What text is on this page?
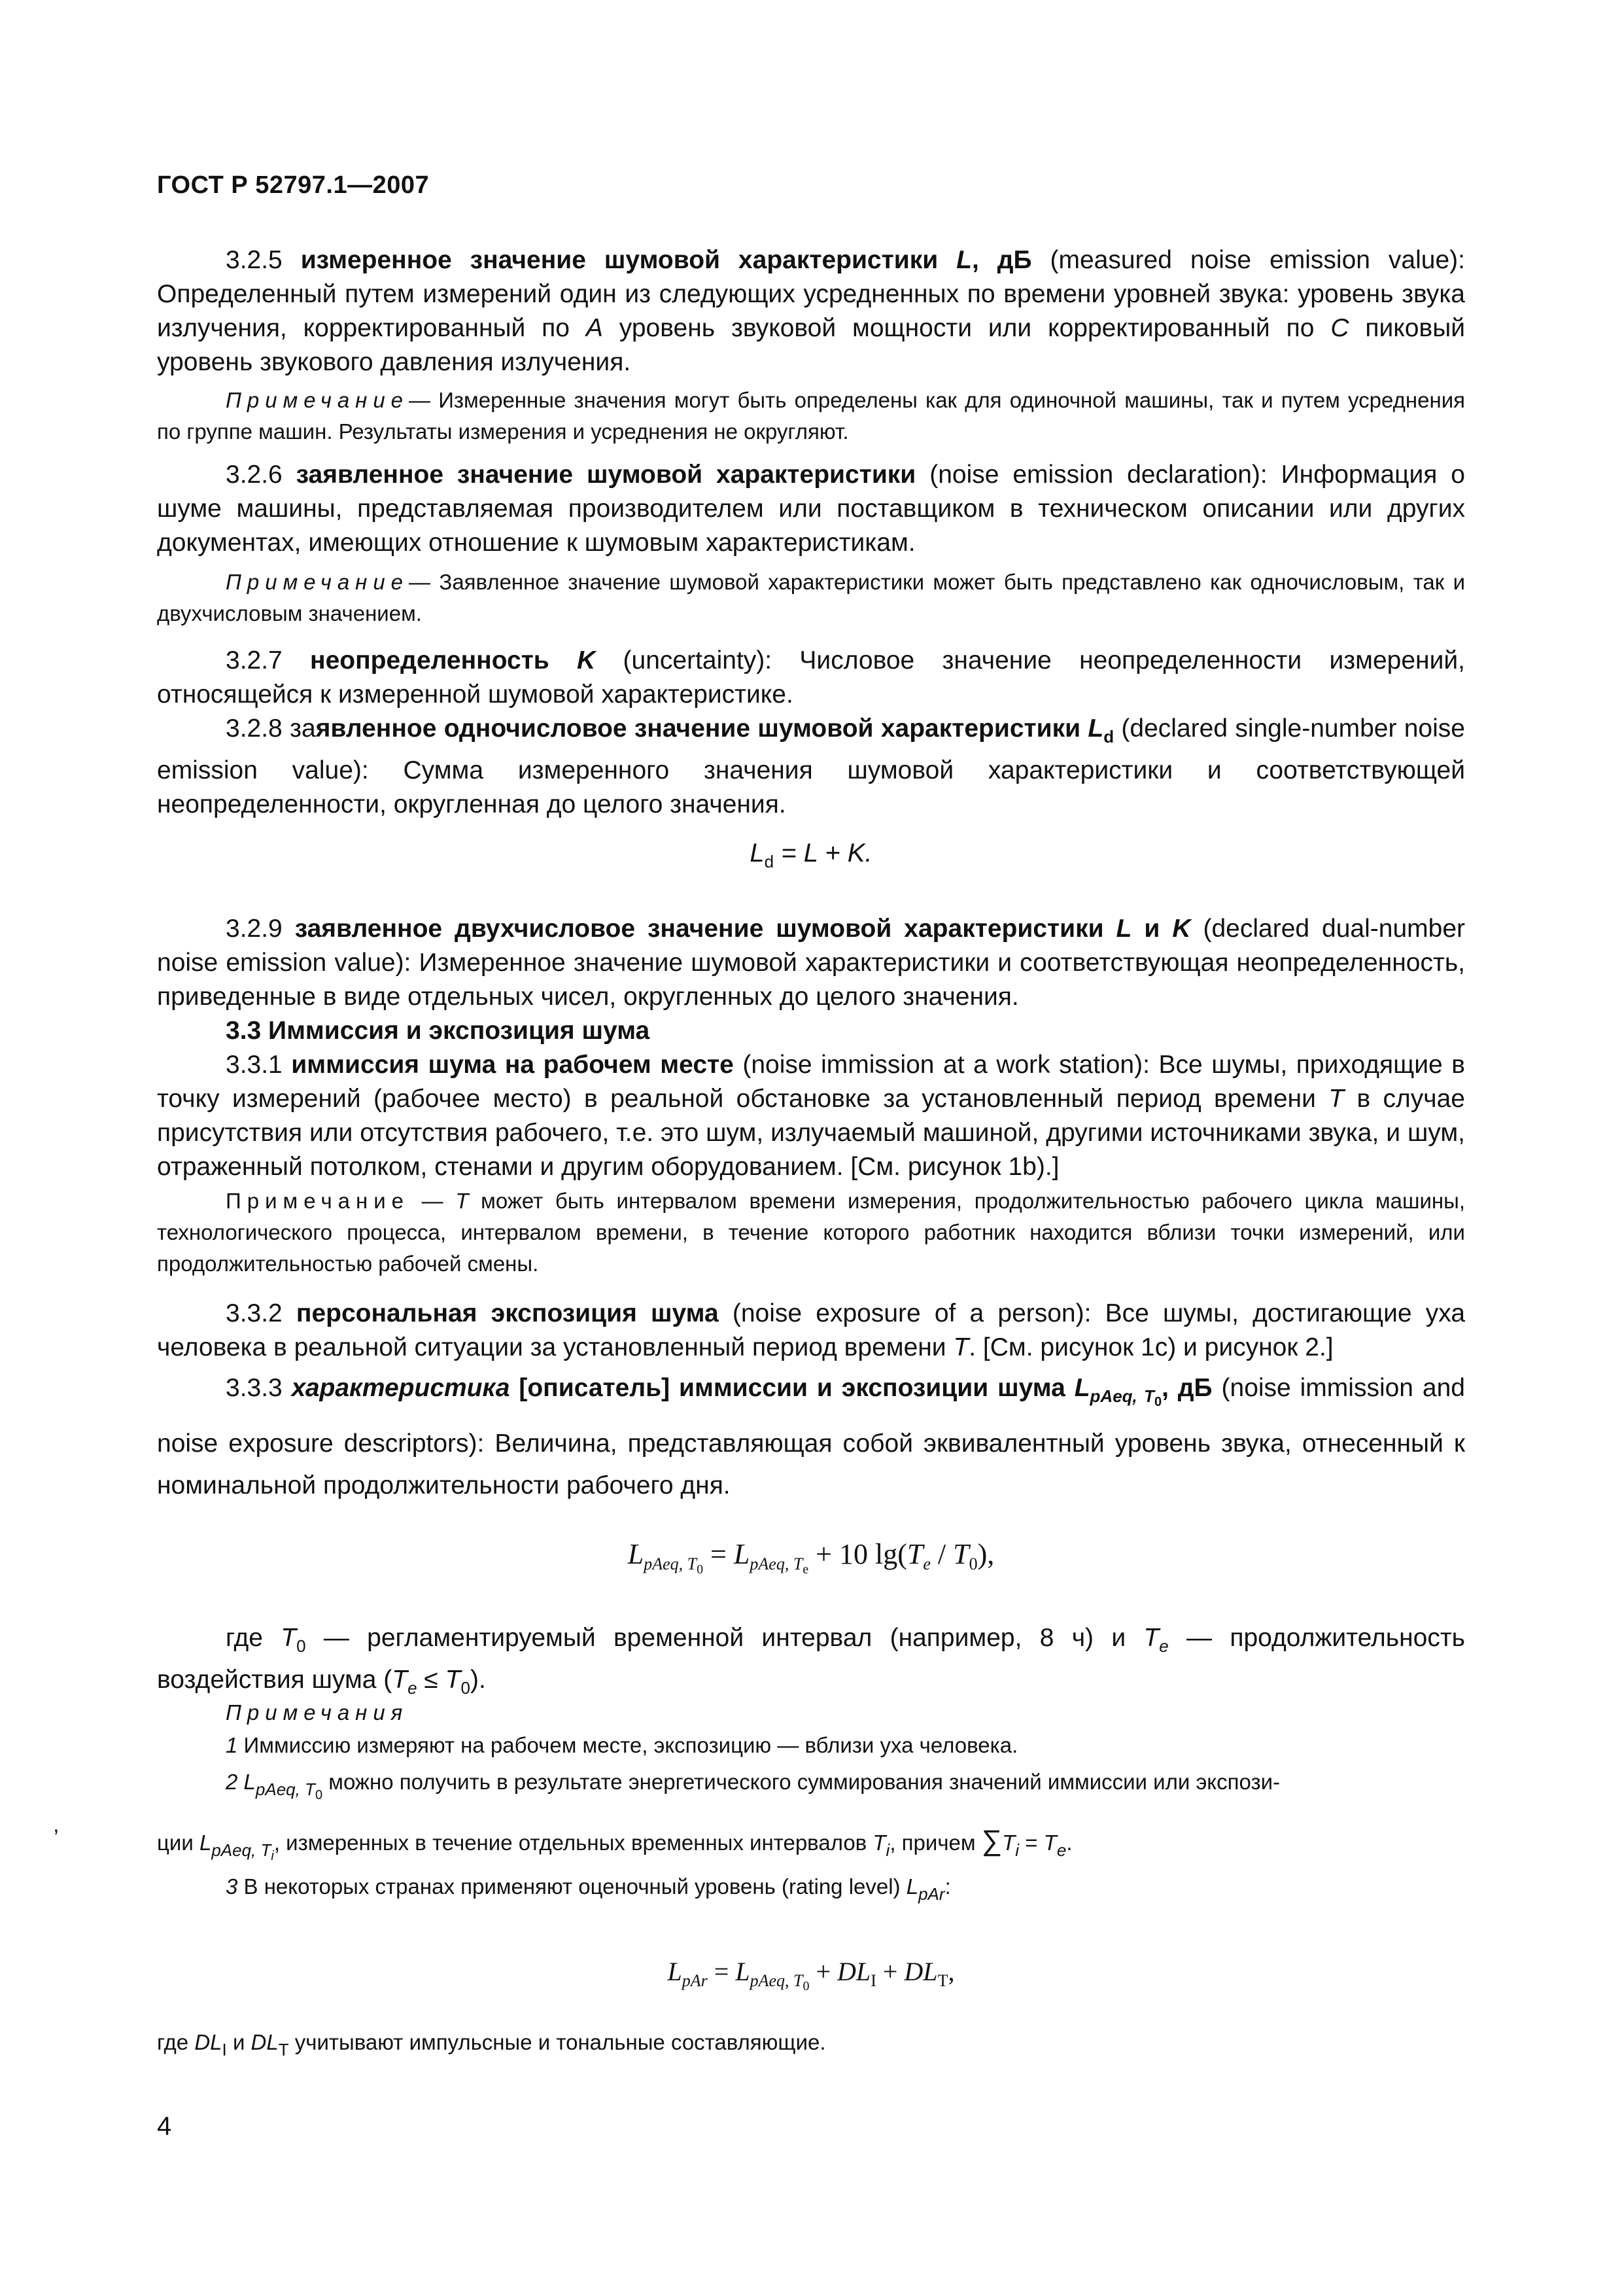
ГОСТ Р 52797.1—2007
3.2.5 измеренное значение шумовой характеристики L, дБ (measured noise emission value): Определенный путем измерений один из следующих усредненных по времени уровней звука: уровень звука излучения, корректированный по A уровень звуковой мощности или корректированный по C пиковый уровень звукового давления излучения.
Примечание— Измеренные значения могут быть определены как для одиночной машины, так и путем усреднения по группе машин. Результаты измерения и усреднения не округляют.
3.2.6 заявленное значение шумовой характеристики (noise emission declaration): Информация о шуме машины, представляемая производителем или поставщиком в техническом описании или других документах, имеющих отношение к шумовым характеристикам.
Примечание— Заявленное значение шумовой характеристики может быть представлено как одночисловым, так и двухчисловым значением.
3.2.7 неопределенность K (uncertainty): Числовое значение неопределенности измерений, относящейся к измеренной шумовой характеристике.
3.2.8 заявленное одночисловое значение шумовой характеристики $L_d$ (declared single-number noise emission value): Сумма измеренного значения шумовой характеристики и соответствующей неопределенности, округленная до целого значения.
$L_d = L + K$.
3.2.9 заявленное двухчисловое значение шумовой характеристики L и K (declared dual-number noise emission value): Измеренное значение шумовой характеристики и соответствующая неопределенность, приведенные в виде отдельных чисел, округленных до целого значения.
3.3 Иммиссия и экспозиция шума
3.3.1 иммиссия шума на рабочем месте (noise immission at a work station): Все шумы, приходящие в точку измерений (рабочее место) в реальной обстановке за установленный период времени T в случае присутствия или отсутствия рабочего, т.е. это шум, излучаемый машиной, другими источниками звука, и шум, отраженный потолком, стенами и другим оборудованием. [См. рисунок 1b).]
Примечание — T может быть интервалом времени измерения, продолжительностью рабочего цикла машины, технологического процесса, интервалом времени, в течение которого работник находится вблизи точки измерений, или продолжительностью рабочей смены.
3.3.2 персональная экспозиция шума (noise exposure of a person): Все шумы, достигающие уха человека в реальной ситуации за установленный период времени T. [См. рисунок 1c) и рисунок 2.]
3.3.3 характеристика [описатель] иммиссии и экспозиции шума $L_{pAeq, T_0}$, дБ (noise immission and noise exposure descriptors): Величина, представляющая собой эквивалентный уровень звука, отнесенный к номинальной продолжительности рабочего дня.
$L_{pAeq, T_0} = L_{pAeq, T_e} + 10$ $\lg(T_e / T_0)$,
где $T_0$ — регламентируемый временной интервал (например, 8 ч) и $T_e$ — продолжительность воздействия шума $(T_e \le T_0)$.
Примечания
1 Иммиссию измеряют на рабочем месте, экспозицию — вблизи уха человека.
2 $L_{pAeq, T_0}$ можно получить в результате энергетического суммирования значений иммиссии или экспози-
ции $L_{pAeq, T_i}$, измеренных в течение отдельных временных интервалов $T_i$, причем $\sum T_i = T_e$.
3 В некоторых странах применяют оценочный уровень (rating level) $L_{pAr}$:
$L_{pAr} = L_{pAeq, T_0} + DL_I + DL_T$,
где $DL_I$ и $DL_T$ учитывают импульсные и тональные составляющие.
’
4
